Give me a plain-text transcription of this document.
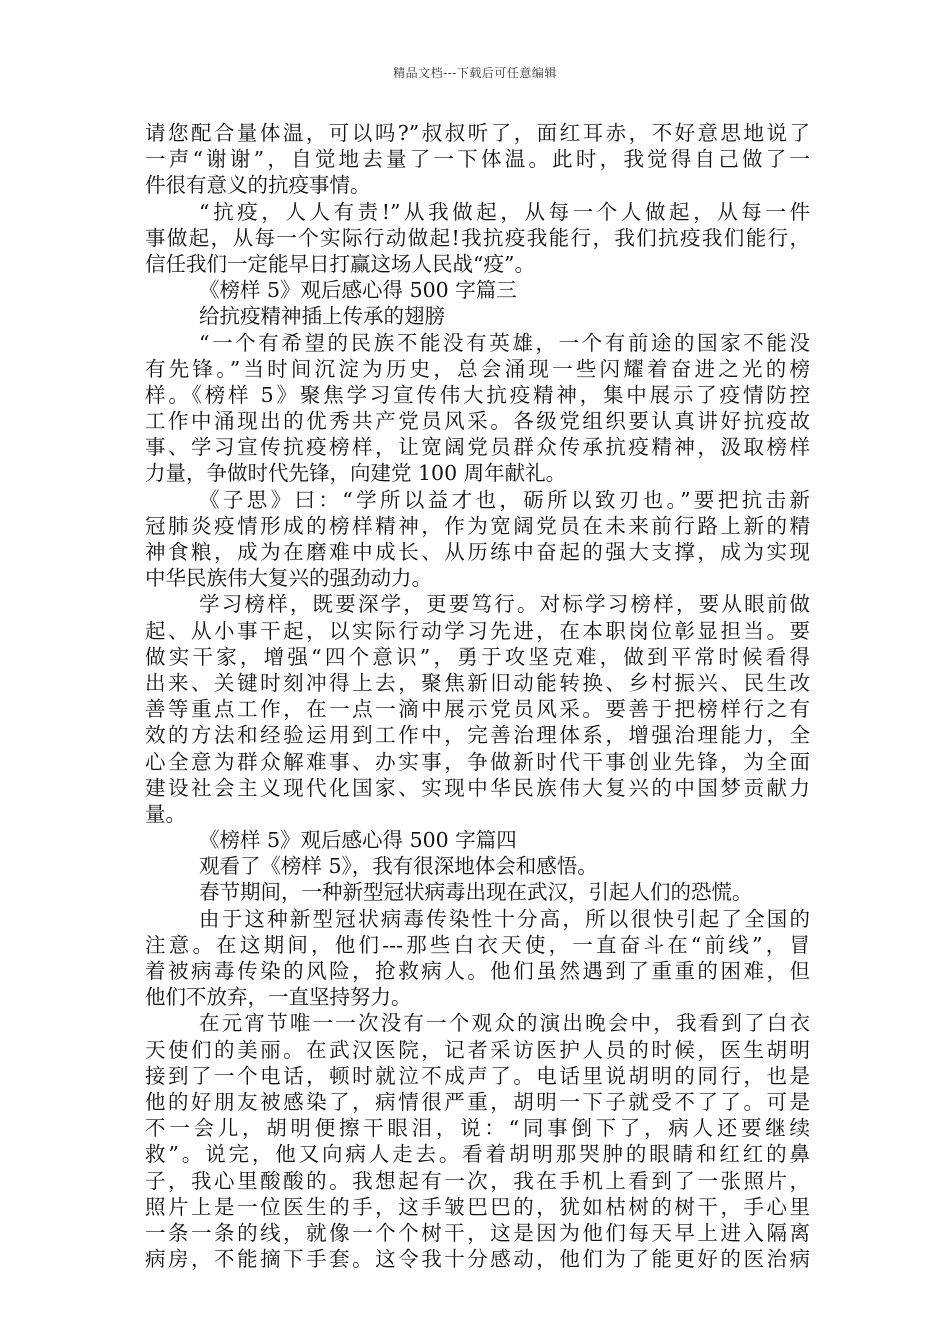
精品文档---下载后可任意编辑
请您配合量体温，可以吗?”叔叔听了，面红耳赤，不好意思地说了
一声“谢谢”，自觉地去量了一下体温。此时，我觉得自己做了一
件很有意义的抗疫事情。
“抗疫，人人有责!”从我做起，从每一个人做起，从每一件
事做起，从每一个实际行动做起!我抗疫我能行，我们抗疫我们能行，
信任我们一定能早日打赢这场人民战“疫”。
《榜样 5》观后感心得 500 字篇三
给抗疫精神插上传承的翅膀
“一个有希望的民族不能没有英雄，一个有前途的国家不能没
有先锋。”当时间沉淀为历史，总会涌现一些闪耀着奋进之光的榜
样。《榜样 5》聚焦学习宣传伟大抗疫精神，集中展示了疫情防控
工作中涌现出的优秀共产党员风采。各级党组织要认真讲好抗疫故
事、学习宣传抗疫榜样，让宽阔党员群众传承抗疫精神，汲取榜样
力量，争做时代先锋，向建党 100 周年献礼。
《子思》曰：“学所以益才也，砺所以致刃也。”要把抗击新
冠肺炎疫情形成的榜样精神，作为宽阔党员在未来前行路上新的精
神食粮，成为在磨难中成长、从历练中奋起的强大支撑，成为实现
中华民族伟大复兴的强劲动力。
学习榜样，既要深学，更要笃行。对标学习榜样，要从眼前做
起、从小事干起，以实际行动学习先进，在本职岗位彰显担当。要
做实干家，增强“四个意识”，勇于攻坚克难，做到平常时候看得
出来、关键时刻冲得上去，聚焦新旧动能转换、乡村振兴、民生改
善等重点工作，在一点一滴中展示党员风采。要善于把榜样行之有
效的方法和经验运用到工作中，完善治理体系，增强治理能力，全
心全意为群众解难事、办实事，争做新时代干事创业先锋，为全面
建设社会主义现代化国家、实现中华民族伟大复兴的中国梦贡献力
量。
《榜样 5》观后感心得 500 字篇四
观看了《榜样 5》，我有很深地体会和感悟。
春节期间，一种新型冠状病毒出现在武汉，引起人们的恐慌。
由于这种新型冠状病毒传染性十分高，所以很快引起了全国的
注意。在这期间，他们---那些白衣天使，一直奋斗在“前线”，冒
着被病毒传染的风险，抢救病人。他们虽然遇到了重重的困难，但
他们不放弃，一直坚持努力。
在元宵节唯一一次没有一个观众的演出晚会中，我看到了白衣
天使们的美丽。在武汉医院，记者采访医护人员的时候，医生胡明
接到了一个电话，顿时就泣不成声了。电话里说胡明的同行，也是
他的好朋友被感染了，病情很严重，胡明一下子就受不了了。可是
不一会儿，胡明便擦干眼泪，说：“同事倒下了，病人还要继续
救”。说完，他又向病人走去。看着胡明那哭肿的眼睛和红红的鼻
子，我心里酸酸的。我想起有一次，我在手机上看到了一张照片，
照片上是一位医生的手，这手皱巴巴的，犹如枯树的树干，手心里
一条一条的线，就像一个个树干，这是因为他们每天早上进入隔离
病房，不能摘下手套。这令我十分感动，他们为了能更好的医治病
